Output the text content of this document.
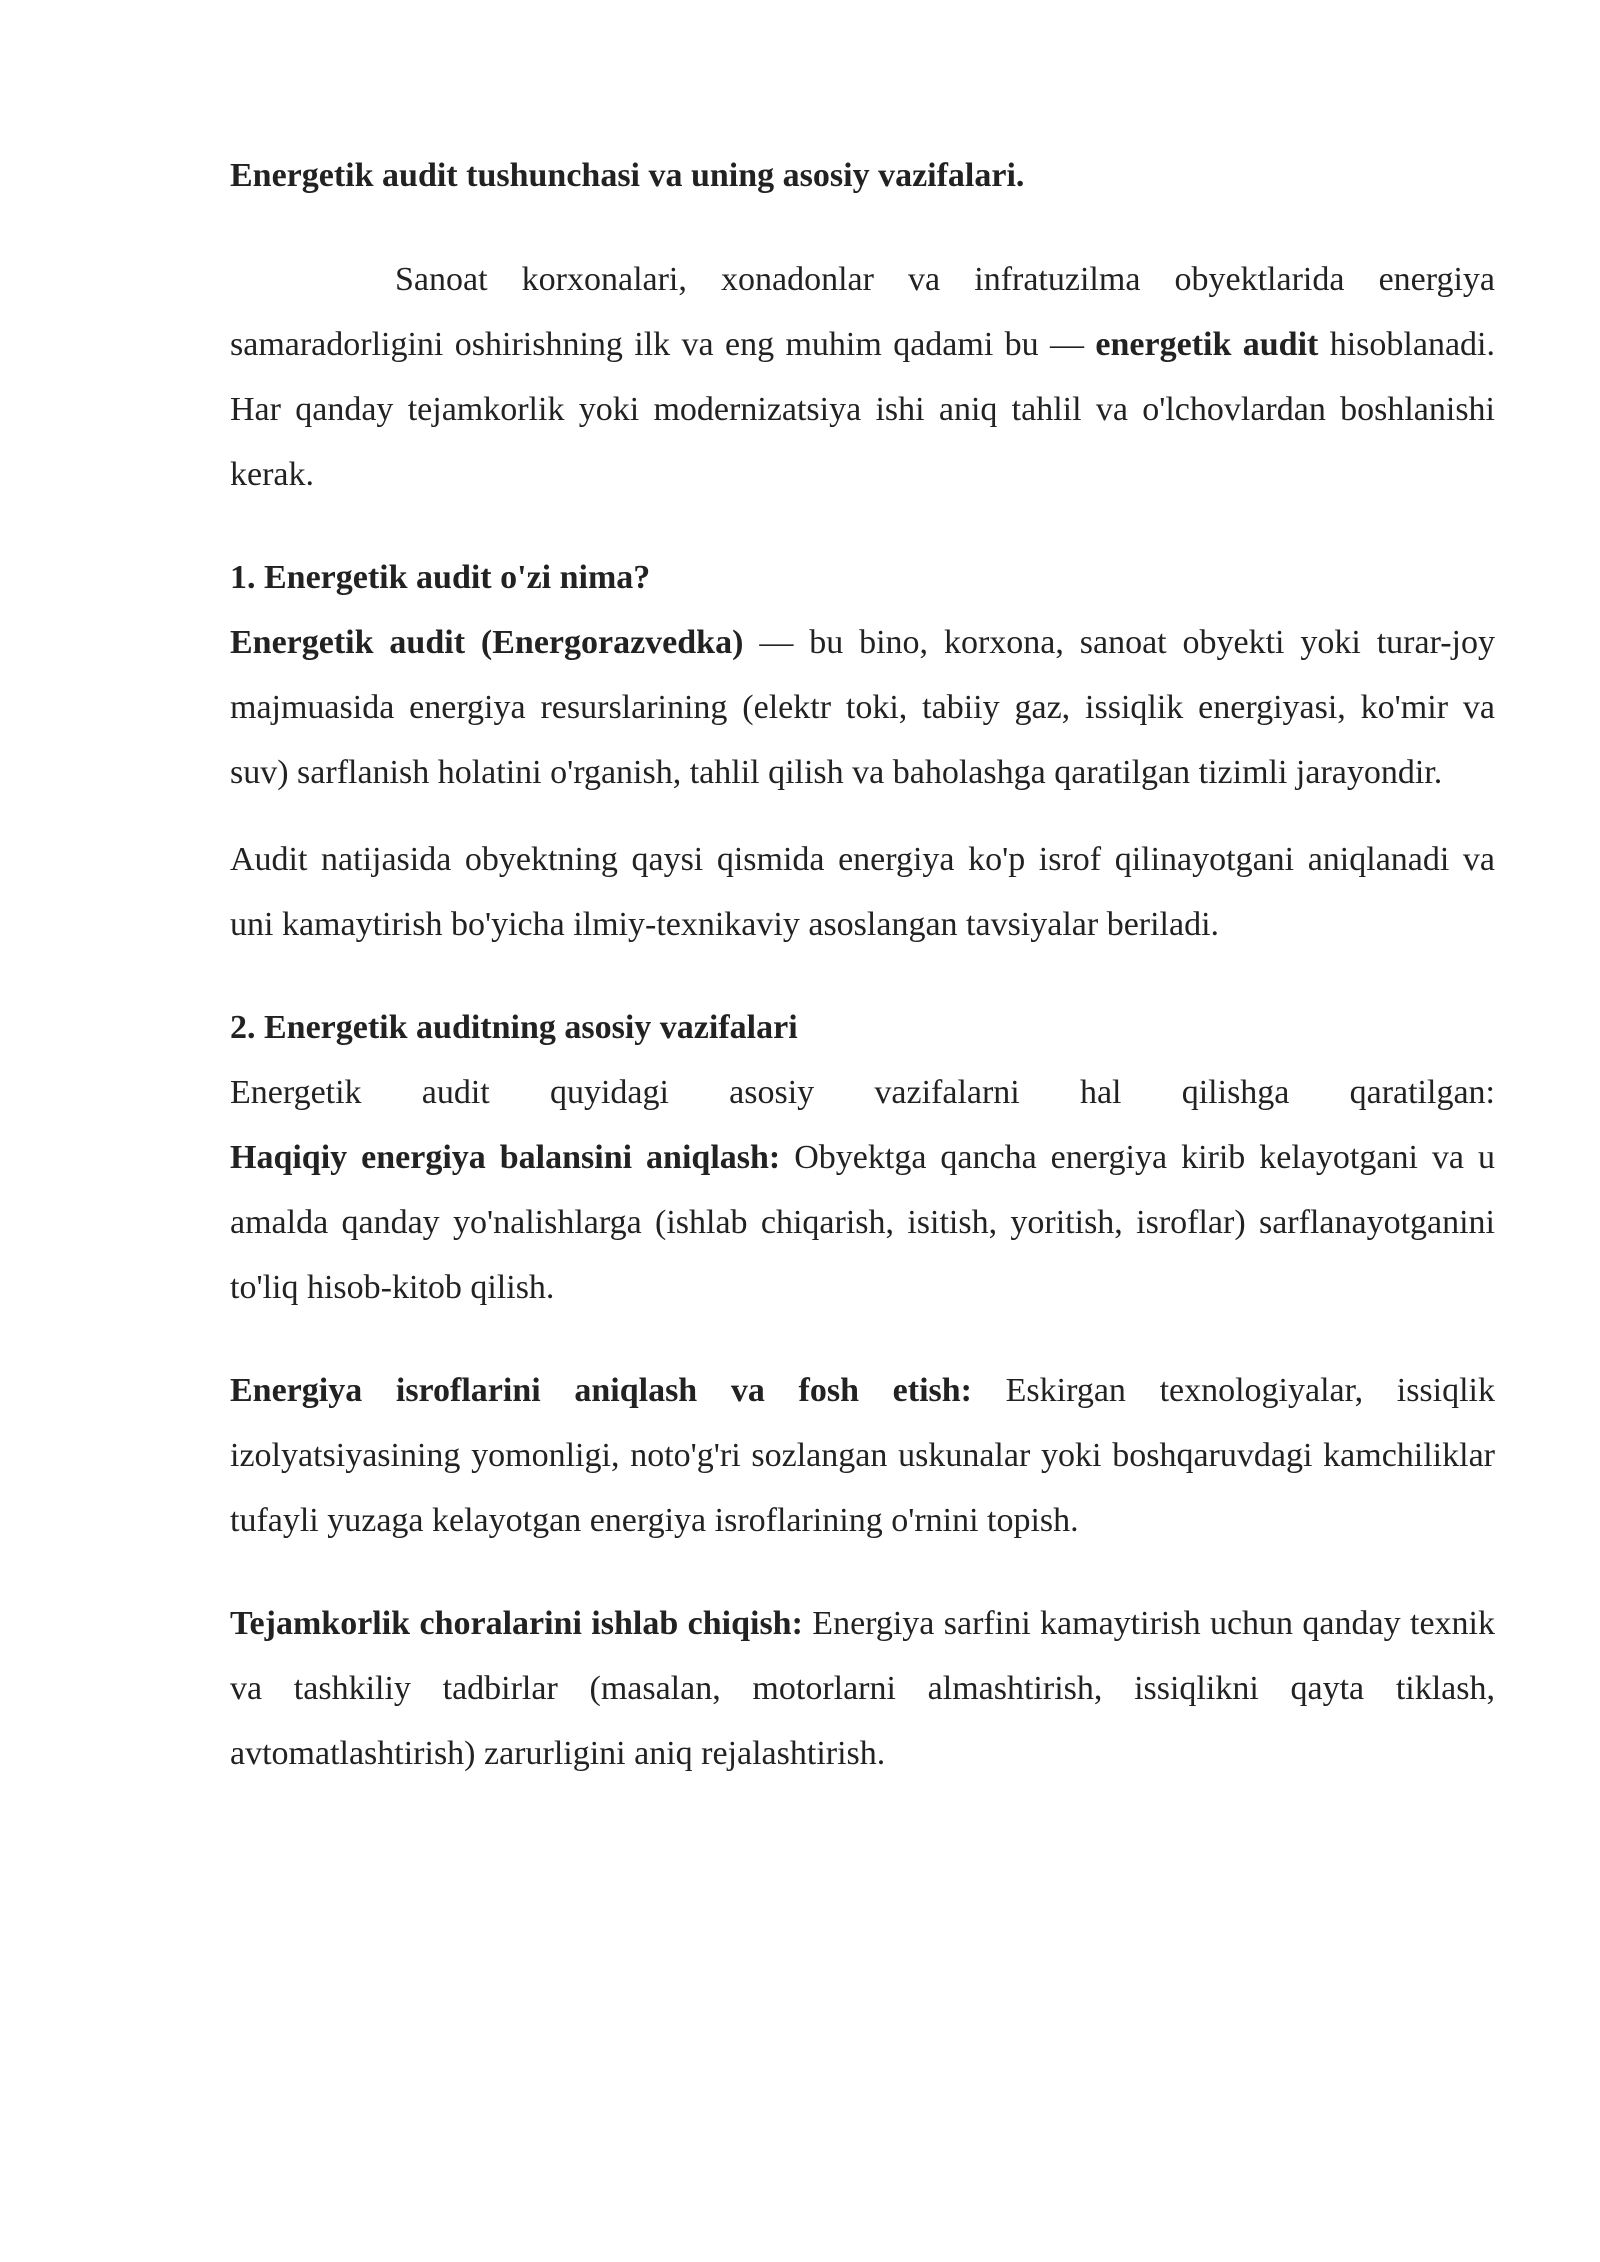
Energetik audit tushunchasi va uning asosiy vazifalari.

Sanoat korxonalari, xonadonlar va infratuzilma obyektlarida energiya samaradorligini oshirishning ilk va eng muhim qadami bu — energetik audit hisoblanadi. Har qanday tejamkorlik yoki modernizatsiya ishi aniq tahlil va o'lchovlardan boshlanishi kerak.

1. Energetik audit o'zi nima?

Energetik audit (Energorazvedka) — bu bino, korxona, sanoat obyekti yoki turar-joy majmuasida energiya resurslarining (elektr toki, tabiiy gaz, issiqlik energiyasi, ko'mir va suv) sarflanish holatini o'rganish, tahlil qilish va baholashga qaratilgan tizimli jarayondir.

Audit natijasida obyektning qaysi qismida energiya ko'p isrof qilinayotgani aniqlanadi va uni kamaytirish bo'yicha ilmiy-texnikaviy asoslangan tavsiyalar beriladi.

2. Energetik auditning asosiy vazifalari

Energetik audit quyidagi asosiy vazifalarni hal qilishga qaratilgan:
Haqiqiy energiya balansini aniqlash: Obyektga qancha energiya kirib kelayotgani va u amalda qanday yo'nalishlarga (ishlab chiqarish, isitish, yoritish, isroflar) sarflanayotganini to'liq hisob-kitob qilish.

Energiya isroflarini aniqlash va fosh etish: Eskirgan texnologiyalar, issiqlik izolyatsiyasining yomonligi, noto'g'ri sozlangan uskunalar yoki boshqaruvdagi kamchiliklar tufayli yuzaga kelayotgan energiya isroflarining o'rnini topish.

Tejamkorlik choralarini ishlab chiqish: Energiya sarfini kamaytirish uchun qanday texnik va tashkiliy tadbirlar (masalan, motorlarni almashtirish, issiqlikni qayta tiklash, avtomatlashtirish) zarurligini aniq rejalashtirish.
